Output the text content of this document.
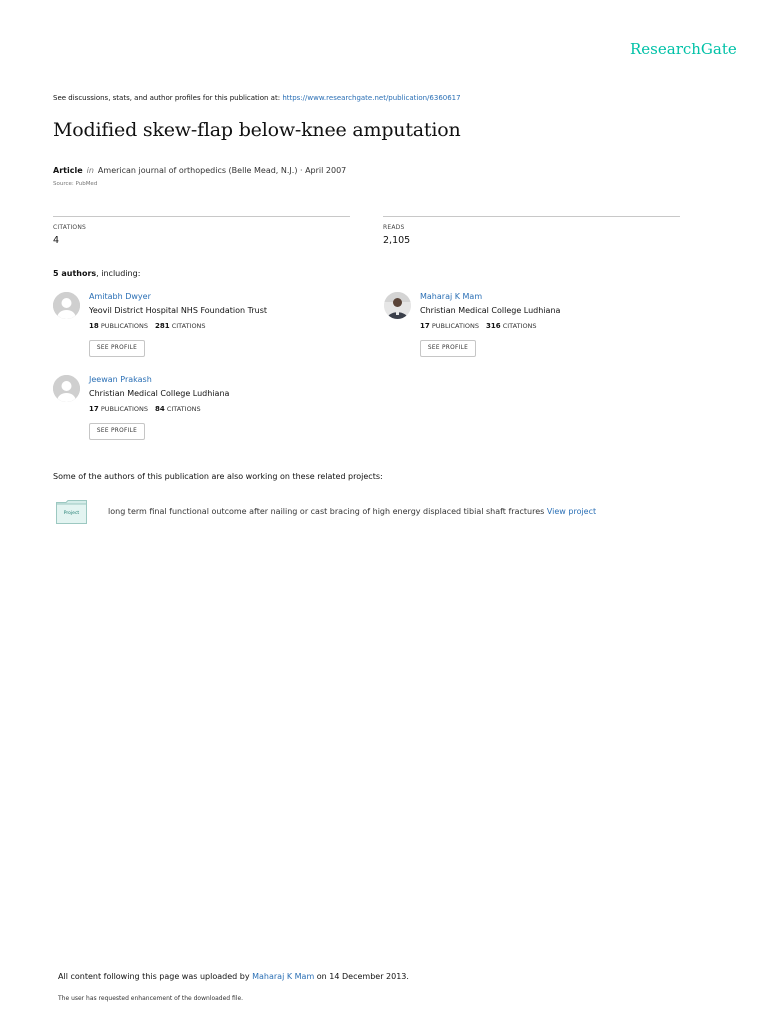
ResearchGate
See discussions, stats, and author profiles for this publication at: https://www.researchgate.net/publication/6360617
Modified skew-flap below-knee amputation
Article in American journal of orthopedics (Belle Mead, N.J.) · April 2007
Source: PubMed
CITATIONS
4
READS
2,105
5 authors, including:
Amitabh Dwyer
Yeovil District Hospital NHS Foundation Trust
18 PUBLICATIONS 281 CITATIONS
SEE PROFILE
Maharaj K Mam
Christian Medical College Ludhiana
17 PUBLICATIONS 316 CITATIONS
SEE PROFILE
Jeewan Prakash
Christian Medical College Ludhiana
17 PUBLICATIONS 84 CITATIONS
SEE PROFILE
Some of the authors of this publication are also working on these related projects:
Project	long term final functional outcome after nailing or cast bracing of high energy displaced tibial shaft fractures View project
All content following this page was uploaded by Maharaj K Mam on 14 December 2013.
The user has requested enhancement of the downloaded file.
